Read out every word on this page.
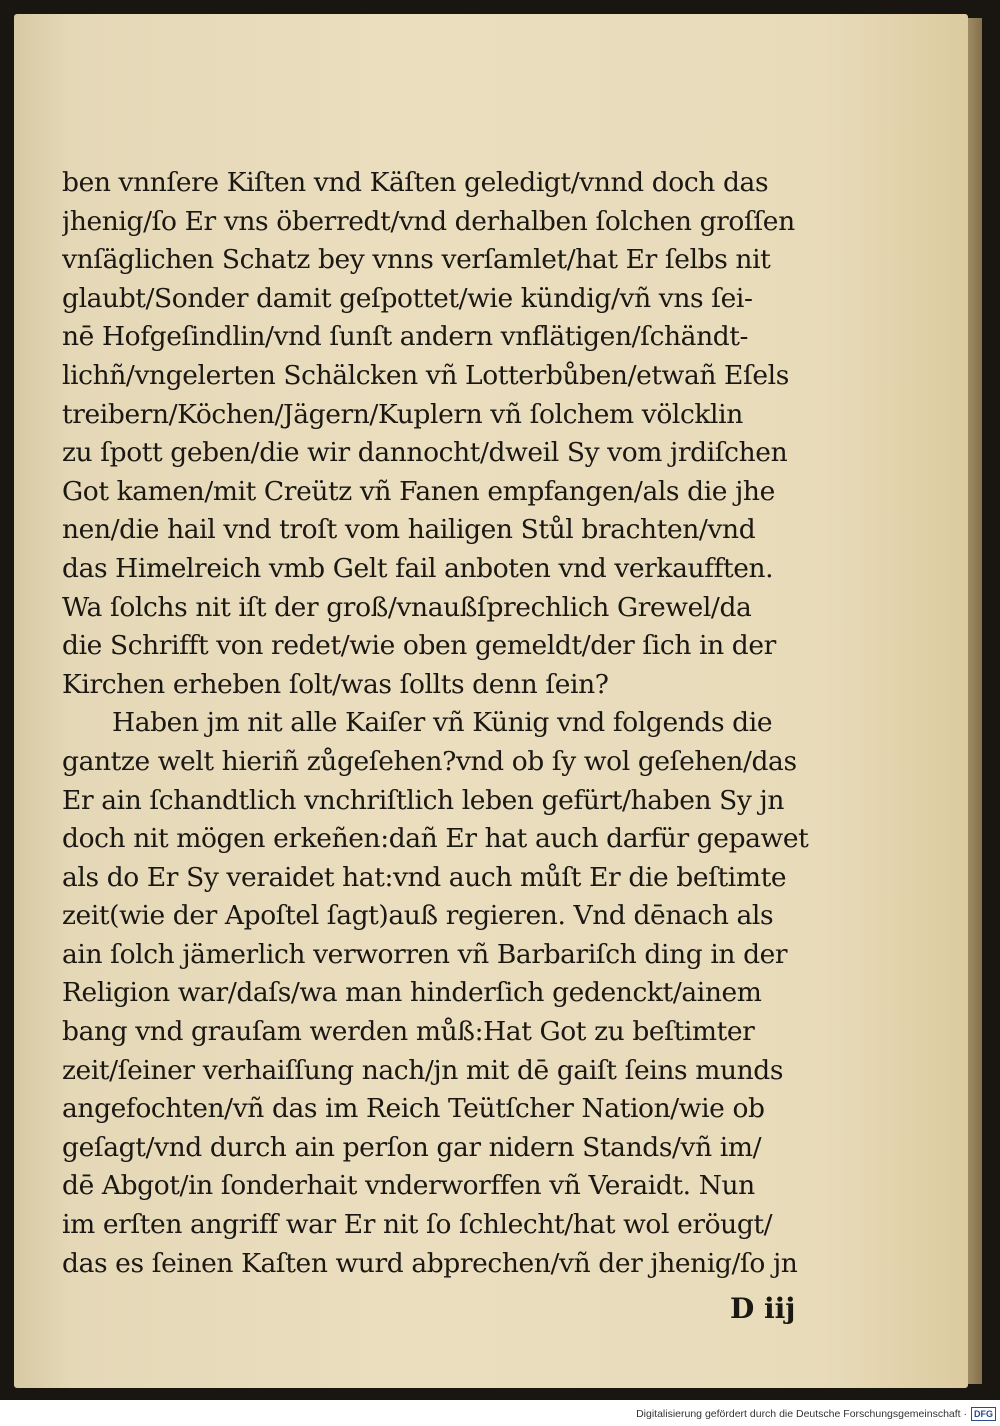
ben vnnſere Kiſten vnd Käſten geledigt/vnnd doch das
jhenig/ſo Er vns öberredt/vnd derhalben ſolchen groſſen
vnſäglichen Schatz bey vnns verſamlet/hat Er ſelbs nit
glaubt/Sonder damit geſpottet/wie kündig/vñ vns ſei-
nē Hofgeſindlin/vnd ſunſt andern vnflätigen/ſchändt-
lichñ/vngelerten Schälcken vñ Lotterbůben/etwañ Eſels
treibern/Köchen/Jägern/Kuplern vñ ſolchem völcklin
zu ſpott geben/die wir dannocht/dweil Sy vom jrdiſchen
Got kamen/mit Creütz vñ Fanen empfangen/als die jhe
nen/die hail vnd troſt vom hailigen Stůl brachten/vnd
das Himelreich vmb Gelt fail anboten vnd verkaufften.
Wa ſolchs nit iſt der groß/vnaußſprechlich Grewel/da
die Schrifft von redet/wie oben gemeldt/der ſich in der
Kirchen erheben ſolt/was ſollts denn ſein?
Haben jm nit alle Kaiſer vñ Künig vnd folgends die
gantze welt hieriñ zůgeſehen?vnd ob ſy wol geſehen/das
Er ain ſchandtlich vnchriſtlich leben gefürt/haben Sy jn
doch nit mögen erkeñen:dañ Er hat auch darfür gepawet
als do Er Sy veraidet hat:vnd auch můſt Er die beſtimte
zeit(wie der Apoſtel ſagt)auß regieren. Vnd dēnach als
ain ſolch jämerlich verworren vñ Barbariſch ding in der
Religion war/daſs/wa man hinderſich gedenckt/ainem
bang vnd grauſam werden můß:Hat Got zu beſtimter
zeit/ſeiner verhaiſſung nach/jn mit dē gaiſt ſeins munds
angefochten/vñ das im Reich Teütſcher Nation/wie ob
geſagt/vnd durch ain perſon gar nidern Stands/vñ im/
dē Abgot/in ſonderhait vnderworffen vñ Veraidt. Nun
im erſten angriff war Er nit ſo ſchlecht/hat wol eröugt/
das es ſeinen Kaſten wurd abprechen/vñ der jhenig/ſo jn
D iij
Digitalisierung gefördert durch die Deutsche Forschungsgemeinschaft · DFG
